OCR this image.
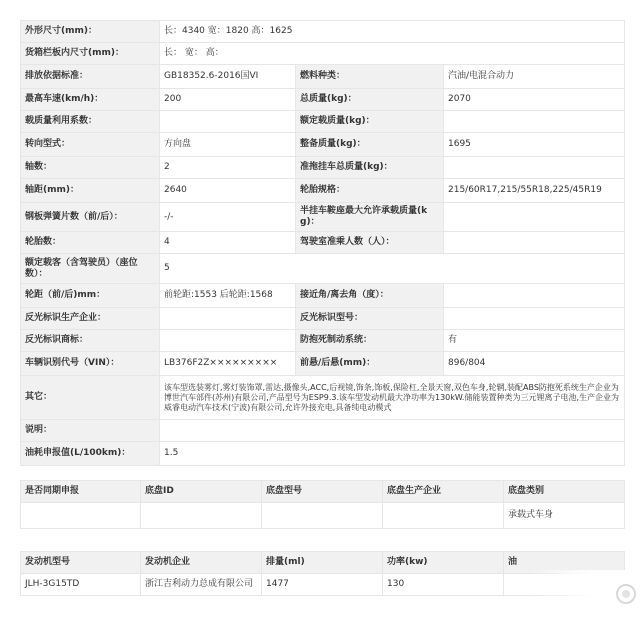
外形尺寸(mm)：	长：4340 宽：1820 高：1625		
货箱栏板内尺寸(mm)：	长： 宽： 高：		
排放依据标准：	GB18352.6-2016国VI	燃料种类：	汽油/电混合动力
最高车速(km/h)：	200	总质量(kg)：	2070
载质量利用系数：		额定载质量(kg)：	
转向型式：	方向盘	整备质量(kg)：	1695
轴数：	2	准拖挂车总质量(kg)：	
轴距(mm)：	2640	轮胎规格：	215/60R17,215/55R18,225/45R19
钢板弹簧片数（前/后）：	-/-	半挂车鞍座最大允许承载质量(kg)：	
轮胎数：	4	驾驶室准乘人数（人）：	
额定载客（含驾驶员）（座位数）：	5		
轮距（前/后)mm：	前轮距:1553 后轮距:1568	接近角/离去角（度）：	
反光标识生产企业：		反光标识型号：	
反光标识商标：		防抱死制动系统：	有
车辆识别代号（VIN）：	LB376F2Z×××××××××	前悬/后悬(mm)：	896/804
其它：	该车型选装雾灯,雾灯装饰罩,雷达,摄像头,ACC,后视镜,饰条,饰板,保险杠,全景天窗,双色车身,轮辋,装配ABS防抱死系统生产企业为博世汽车部件(苏州)有限公司,产品型号为ESP9.3.该车型发动机最大净功率为130kW.储能装置种类为三元锂离子电池,生产企业为威睿电动汽车技术(宁波)有限公司,允许外接充电,具备纯电动模式		
说明：			
油耗申报值(L/100km)：	1.5		
是否同期申报	底盘ID	底盘型号	底盘生产企业	底盘类别
				承载式车身
发动机型号	发动机企业	排量(ml)	功率(kw)	油
JLH-3G15TD	浙江吉利动力总成有限公司	1477	130	
